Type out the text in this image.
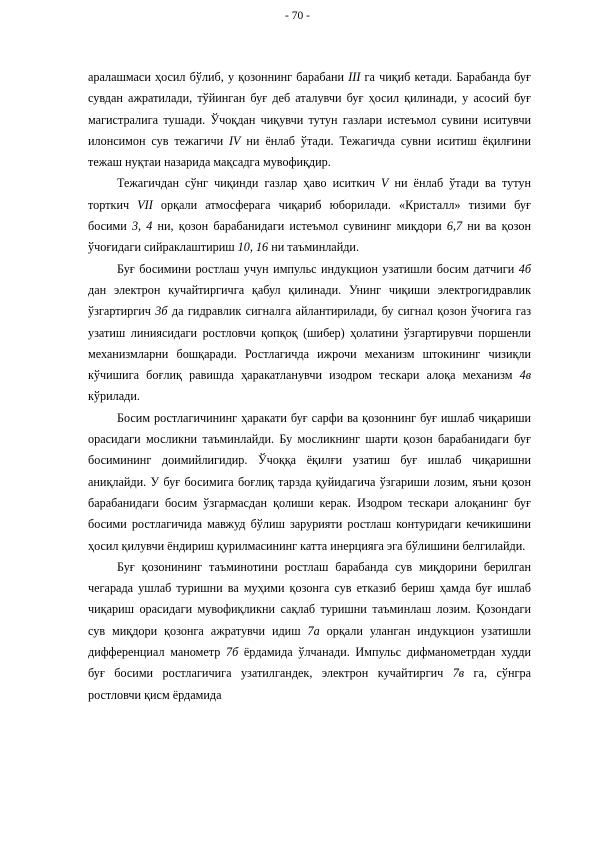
- 70 -

аралашмаси ҳосил бўлиб, у қозоннинг барабани III га чиқиб кетади. Барабанда буғ сувдан ажратилади, тўйинган буғ деб аталувчи буғ ҳосил қилинади, у асосий буғ магистралига тушади. Ўчоқдан чиқувчи тутун газлари истеъмол сувини иситувчи илонсимон сув тежагичи IV ни ёнлаб ўтади. Тежагичда сувни иситиш ёқилғини тежаш нуқтаи назарида мақсадга мувофиқдир.

Тежагичдан сўнг чиқинди газлар ҳаво иситкич V ни ёнлаб ўтади ва тутун торткич VII орқали атмосферага чиқариб юборилади. «Кристалл» тизими буғ босими 3, 4 ни, қозон барабанидаги истеъмол сувининг миқдори 6,7 ни ва қозон ўчоғидаги сийраклаштириш 10, 16 ни таъминлайди.

Буғ босимини ростлаш учун импульс индукцион узатишли босим датчиги 4б дан электрон кучайтиргичга қабул қилинади. Унинг чиқиши электрогидравлик ўзгартиргич 3б да гидравлик сигналга айлантирилади, бу сигнал қозон ўчоғига газ узатиш линиясидаги ростловчи қопқоқ (шибер) ҳолатини ўзгартирувчи поршенли механизмларни бошқаради. Ростлагичда ижрочи механизм штокининг чизиқли кўчишига боғлиқ равишда ҳаракатланувчи изодром тескари алоқа механизм 4в кўрилади.

Босим ростлагичининг ҳаракати буғ сарфи ва қозоннинг буғ ишлаб чиқариши орасидаги мосликни таъминлайди. Бу мосликнинг шарти қозон барабанидаги буғ босимининг доимийлигидир. Ўчоққа ёқилғи узатиш буғ ишлаб чиқаришни аниқлайди. У буғ босимига боғлиқ тарзда қуйидагича ўзгариши лозим, яъни қозон барабанидаги босим ўзгармасдан қолиши керак. Изодром тескари алоқанинг буғ босими ростлагичида мавжуд бўлиш зарурияти ростлаш контуридаги кечикишини ҳосил қилувчи ёндириш қурилмасининг катта инерцияга эга бўлишини белгилайди.

Буғ қозонининг таъминотини ростлаш барабанда сув миқдорини берилган чегарада ушлаб туришни ва муҳими қозонга сув етказиб бериш ҳамда буғ ишлаб чиқариш орасидаги мувофиқликни сақлаб туришни таъминлаш лозим. Қозондаги сув миқдори қозонга ажратувчи идиш 7а орқали уланган индукцион узатишли дифференциал манометр 7б ёрдамида ўлчанади. Импульс дифманометрдан худди буғ босими ростлагичига узатилгандек, электрон кучайтиргич 7в га, сўнгра ростловчи қисм ёрдамида
